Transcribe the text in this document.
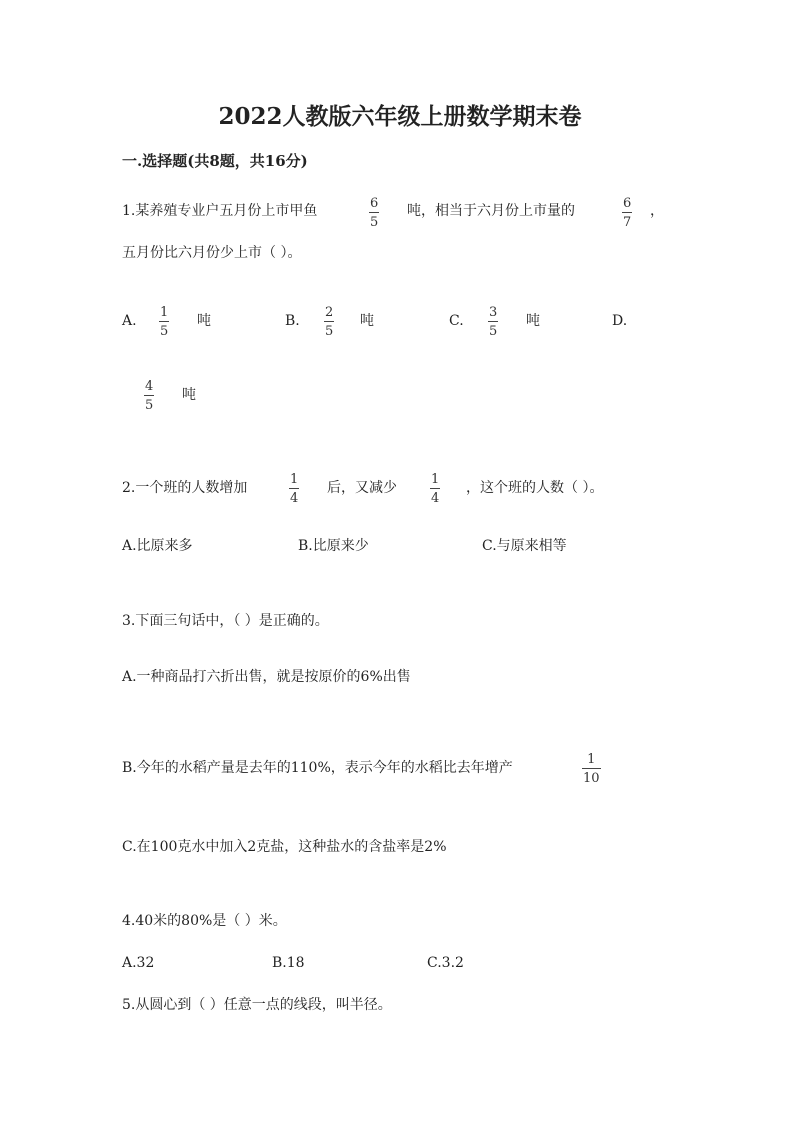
2022人教版六年级上册数学期末卷
一.选择题(共8题，共16分)
1.某养殖专业户五月份上市甲鱼	6
5
吨，相当于六月份上市量的	6
7
，
五月份比六月份少上市（ ）。
A.
1
5
吨	B.
2
5
吨	C.
3
5
吨	D.
4
5
吨
2.一个班的人数增加
1
4
后，又减少
1
4
，这个班的人数（ ）。
A.比原来多	B.比原来少	C.与原来相等
3.下面三句话中，（ ）是正确的。
A.一种商品打六折出售，就是按原价的6%出售
B.今年的水稻产量是去年的110%，表示今年的水稻比去年增产
1
10
C.在100克水中加入2克盐，这种盐水的含盐率是2%
4.40米的80%是（ ）米。
A.32	B.18	C.3.2
5.从圆心到（ ）任意一点的线段，叫半径。
